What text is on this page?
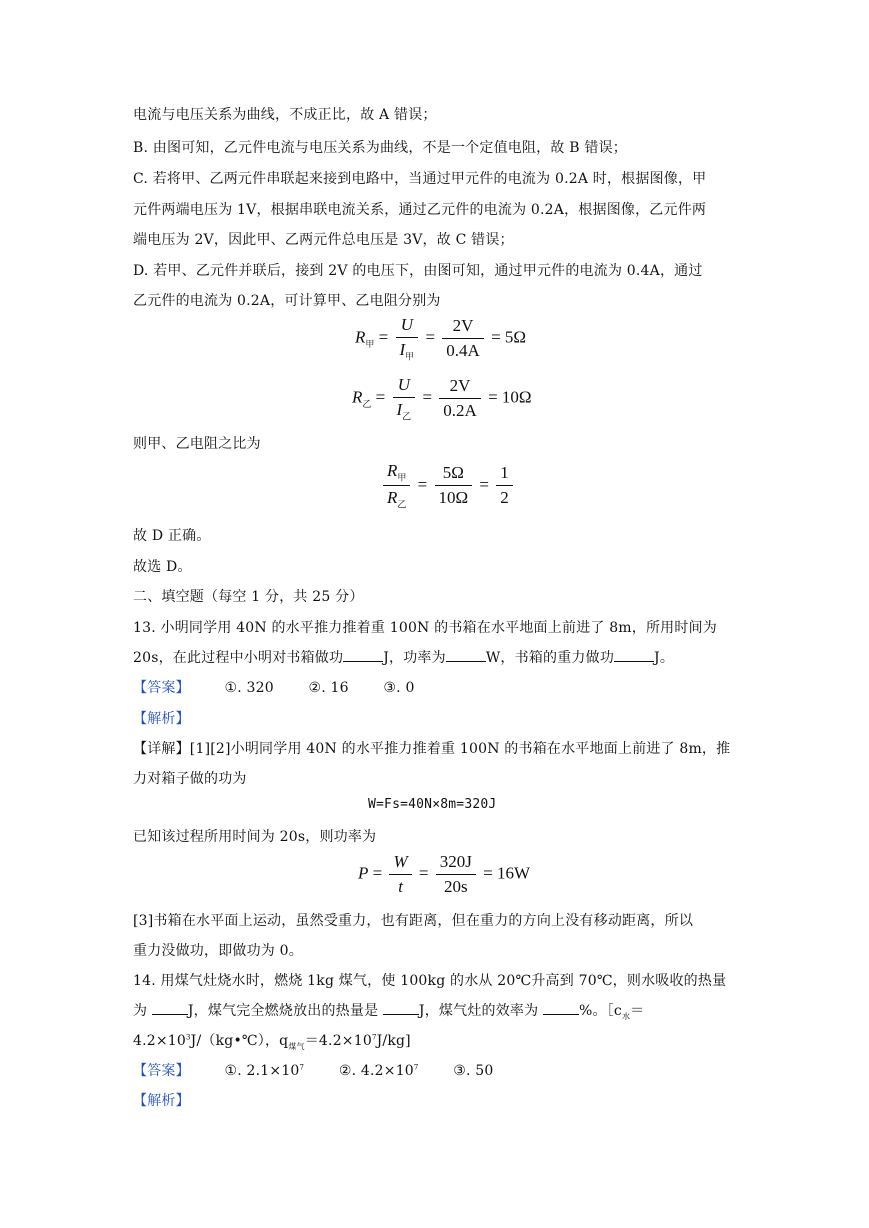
电流与电压关系为曲线，不成正比，故 A 错误；
B. 由图可知，乙元件电流与电压关系为曲线，不是一个定值电阻，故 B 错误；
C. 若将甲、乙两元件串联起来接到电路中，当通过甲元件的电流为 0.2A 时，根据图像，甲
元件两端电压为 1V，根据串联电流关系，通过乙元件的电流为 0.2A，根据图像，乙元件两
端电压为 2V，因此甲、乙两元件总电压是 3V，故 C 错误；
D. 若甲、乙元件并联后，接到 2V 的电压下，由图可知，通过甲元件的电流为 0.4A，通过
乙元件的电流为 0.2A，可计算甲、乙电阻分别为
$R_甲 = \frac{U}{I_甲} = \frac{2V}{0.4A} = 5\Omega$
$R_乙 = \frac{U}{I_乙} = \frac{2V}{0.2A} = 10\Omega$
则甲、乙电阻之比为
$\frac{R_甲}{R_乙} = \frac{5\Omega}{10\Omega} = \frac{1}{2}$
故 D 正确。
故选 D。
二、填空题（每空 1 分，共 25 分）
13. 小明同学用 40N 的水平推力推着重 100N 的书箱在水平地面上前进了 8m，所用时间为
20s，在此过程中小明对书箱做功	J，功率为	W，书箱的重力做功	J。
【答案】 ①. 320 ②. 16 ③. 0
【解析】
【详解】[1][2]小明同学用 40N 的水平推力推着重 100N 的书箱在水平地面上前进了 8m，推
力对箱子做的功为
W=Fs=40N×8m=320J
已知该过程所用时间为 20s，则功率为
$P = \frac{W}{t} = \frac{320J}{20s} = 16W$
[3]书箱在水平面上运动，虽然受重力，也有距离，但在重力的方向上没有移动距离，所以
重力没做功，即做功为 0。
14. 用煤气灶烧水时，燃烧 1kg 煤气，使 100kg 的水从 20℃升高到 70℃，则水吸收的热量
为	J，煤气完全燃烧放出的热量是	J，煤气灶的效率为	%。$[c_水=$
$4.2\times 10^3J/(kg•℃)$，$q_{煤气}=4.2\times 10^7J/kg$]
【答案】 ①. $2.1\times 10^7$ ②. $4.2\times 10^7$ ③. 50
【解析】
